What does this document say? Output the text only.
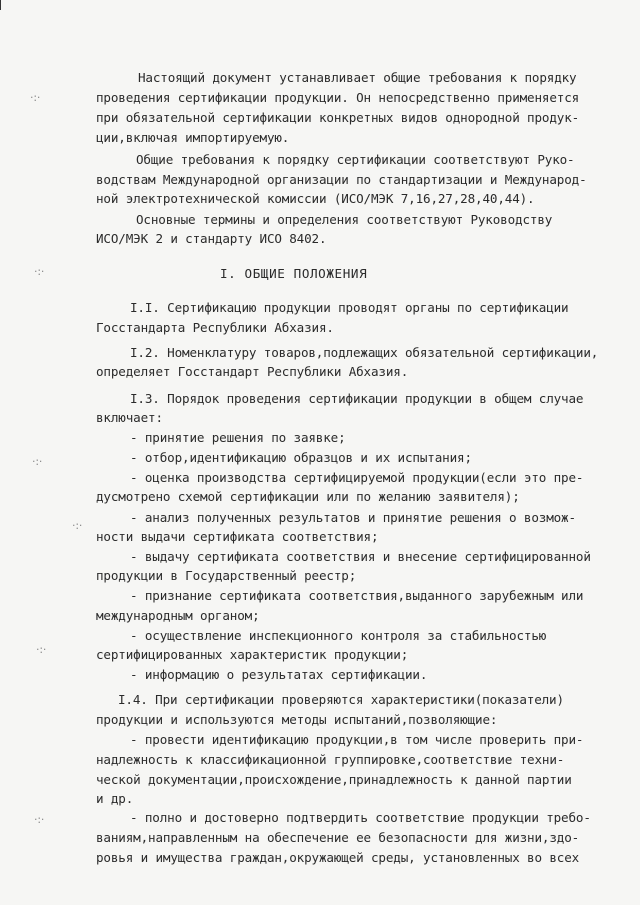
·:·
·:·
·:·
·:·
·:·
·:·
Настоящий документ устанавливает общие требования к порядку
проведения сертификации продукции. Он непосредственно применяется
при обязательной сертификации конкретных видов однородной продук-
ции,включая импортируемую.
Общие требования к порядку сертификации соответствуют Руко-
водствам Международной организации по стандартизации и Международ-
ной электротехнической комиссии (ИСО/МЭК 7,16,27,28,40,44).
Основные термины и определения соответствуют Руководству
ИСО/МЭК 2 и стандарту ИСО 8402.
I. ОБЩИЕ ПОЛОЖЕНИЯ
I.I. Сертификацию продукции проводят органы по сертификации
Госстандарта Республики Абхазия.
I.2. Номенклатуру товаров,подлежащих обязательной сертификации,
определяет Госстандарт Республики Абхазия.
I.3. Порядок проведения сертификации продукции в общем случае
включает:
- принятие решения по заявке;
- отбор,идентификацию образцов и их испытания;
- оценка производства сертифицируемой продукции(если это пре-
дусмотрено схемой сертификации или по желанию заявителя);
- анализ полученных результатов и принятие решения о возмож-
ности выдачи сертификата соответствия;
- выдачу сертификата соответствия и внесение сертифицированной
продукции в Государственный реестр;
- признание сертификата соответствия,выданного зарубежным или
международным органом;
- осуществление инспекционного контроля за стабильностью
сертифицированных характеристик продукции;
- информацию о результатах сертификации.
I.4. При сертификации проверяются характеристики(показатели)
продукции и используются методы испытаний,позволяющие:
- провести идентификацию продукции,в том числе проверить при-
надлежность к классификационной группировке,соответствие техни-
ческой документации,происхождение,принадлежность к данной партии
и др.
- полно и достоверно подтвердить соответствие продукции требо-
ваниям,направленным на обеспечение ее безопасности для жизни,здо-
ровья и имущества граждан,окружающей среды, установленных во всех
